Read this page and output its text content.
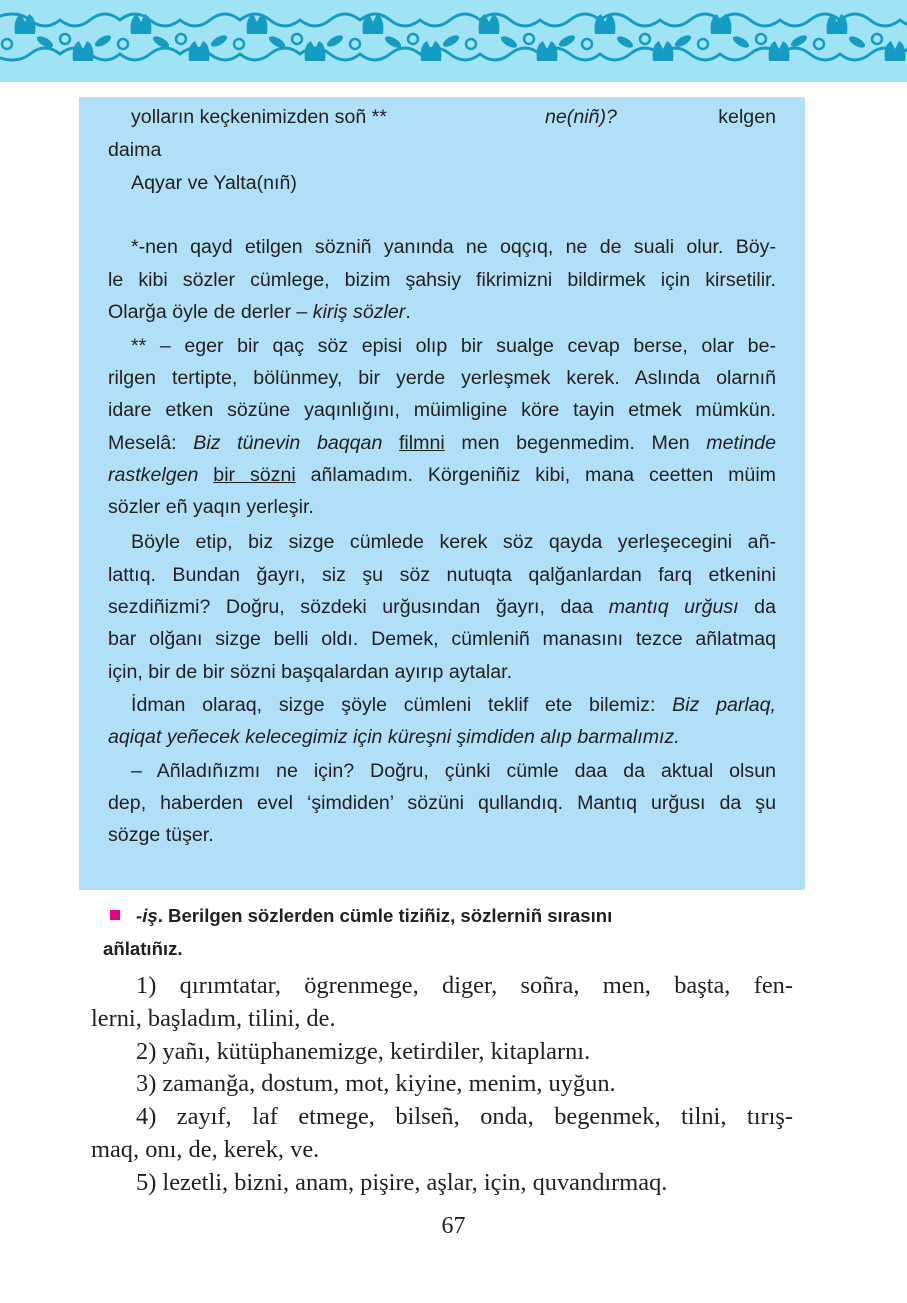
yolların keçkenimizden soñ **	ne(niñ)?	kelgen
daima
Aqyar ve Yalta(nıñ)
*-nen qayd etilgen sözniñ yanında ne oqçıq, ne de suali olur. Böy-
le kibi sözler cümlege, bizim şahsiy fikrimizni bildirmek için kirsetilir.
Olarğa öyle de derler – kiriş sözler.
** – eger bir qaç söz episi olıp bir sualge cevap berse, olar be-
rilgen tertipte, bölünmey, bir yerde yerleşmek kerek. Aslında olarnıñ
idare etken sözüne yaqınlığını, müimligine köre tayin etmek mümkün.
Meselâ: Biz tünevin baqqan filmni men begenmedim. Men metinde
rastkelgen bir sözni añlamadım. Körgeniñiz kibi, mana ceetten müim
sözler eñ yaqın yerleşir.
Böyle etip, biz sizge cümlede kerek söz qayda yerleşecegini añ-
lattıq. Bundan ğayrı, siz şu söz nutuqta qalğanlardan farq etkenini
sezdiñizmi? Doğru, sözdeki urğusından ğayrı, daa mantıq urğusı da
bar olğanı sizge belli oldı. Demek, cümleniñ manasını tezce añlatmaq
için, bir de bir sözni başqalardan ayırıp aytalar.
İdman olaraq, sizge şöyle cümleni teklif ete bilemiz: Biz parlaq,
aqiqat yeñecek kelecegimiz için küreşni şimdiden alıp barmalımız.
– Añladıñızmı ne için? Doğru, çünki cümle daa da aktual olsun
dep, haberden evel ‘şimdiden’ sözüni qullandıq. Mantıq urğusı da şu
sözge tüşer.
-iş. Berilgen sözlerden cümle tiziñiz, sözlerniñ sırasını
añlatıñız.
1) qırımtatar, ögrenmege, diger, soñra, men, başta, fen-
lerni, başladım, tilini, de.
2) yañı, kütüphanemizge, ketirdiler, kitaplarnı.
3) zamanğa, dostum, mot, kiyine, menim, uyğun.
4) zayıf, laf etmege, bilseñ, onda, begenmek, tilni, tırış-
maq, onı, de, kerek, ve.
5) lezetli, bizni, anam, pişire, aşlar, için, quvandırmaq.
67
